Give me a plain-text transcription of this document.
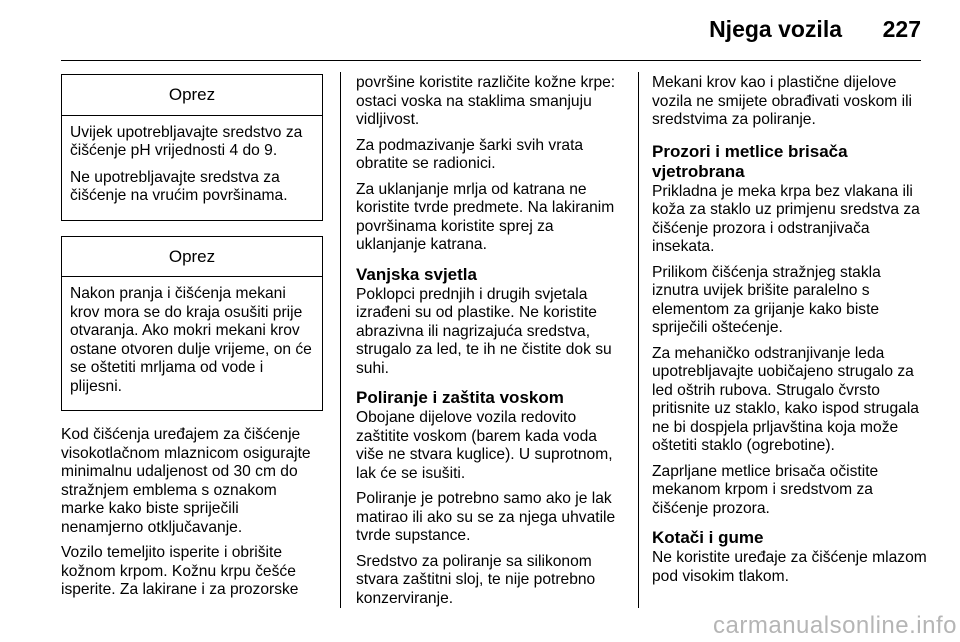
Njega vozila 227
Oprez

Uvijek upotrebljavajte sredstvo za čišćenje pH vrijednosti 4 do 9.

Ne upotrebljavajte sredstva za čišćenje na vrućim površinama.

Oprez

Nakon pranja i čišćenja mekani krov mora se do kraja osušiti prije otvaranja. Ako mokri mekani krov ostane otvoren dulje vrijeme, on će se oštetiti mrljama od vode i plijesni.

Kod čišćenja uređajem za čišćenje visokotlačnom mlaznicom osigurajte minimalnu udaljenost od 30 cm do stražnjem emblema s oznakom marke kako biste spriječili nenamjerno otključavanje.

Vozilo temeljito isperite i obrišite kožnom krpom. Kožnu krpu češće isperite. Za lakirane i za prozorske

površine koristite različite kožne krpe: ostaci voska na staklima smanjuju vidljivost.

Za podmazivanje šarki svih vrata obratite se radionici.

Za uklanjanje mrlja od katrana ne koristite tvrde predmete. Na lakiranim površinama koristite sprej za uklanjanje katrana.

Vanjska svjetla

Poklopci prednjih i drugih svjetala izrađeni su od plastike. Ne koristite abrazivna ili nagrizajuća sredstva, strugalo za led, te ih ne čistite dok su suhi.

Poliranje i zaštita voskom

Obojane dijelove vozila redovito zaštitite voskom (barem kada voda više ne stvara kuglice). U suprotnom, lak će se isušiti.

Poliranje je potrebno samo ako je lak matirao ili ako su se za njega uhvatile tvrde supstance.

Sredstvo za poliranje sa silikonom stvara zaštitni sloj, te nije potrebno konzerviranje.

Mekani krov kao i plastične dijelove vozila ne smijete obrađivati voskom ili sredstvima za poliranje.

Prozori i metlice brisača vjetrobrana

Prikladna je meka krpa bez vlakana ili koža za staklo uz primjenu sredstva za čišćenje prozora i odstranjivača insekata.

Prilikom čišćenja stražnjeg stakla iznutra uvijek brišite paralelno s elementom za grijanje kako biste spriječili oštećenje.

Za mehaničko odstranjivanje leda upotrebljavajte uobičajeno strugalo za led oštrih rubova. Strugalo čvrsto pritisnite uz staklo, kako ispod strugala ne bi dospjela prljavština koja može oštetiti staklo (ogrebotine).

Zaprljane metlice brisača očistite mekanom krpom i sredstvom za čišćenje prozora.

Kotači i gume

Ne koristite uređaje za čišćenje mlazom pod visokim tlakom.

carmanualsonline.info
